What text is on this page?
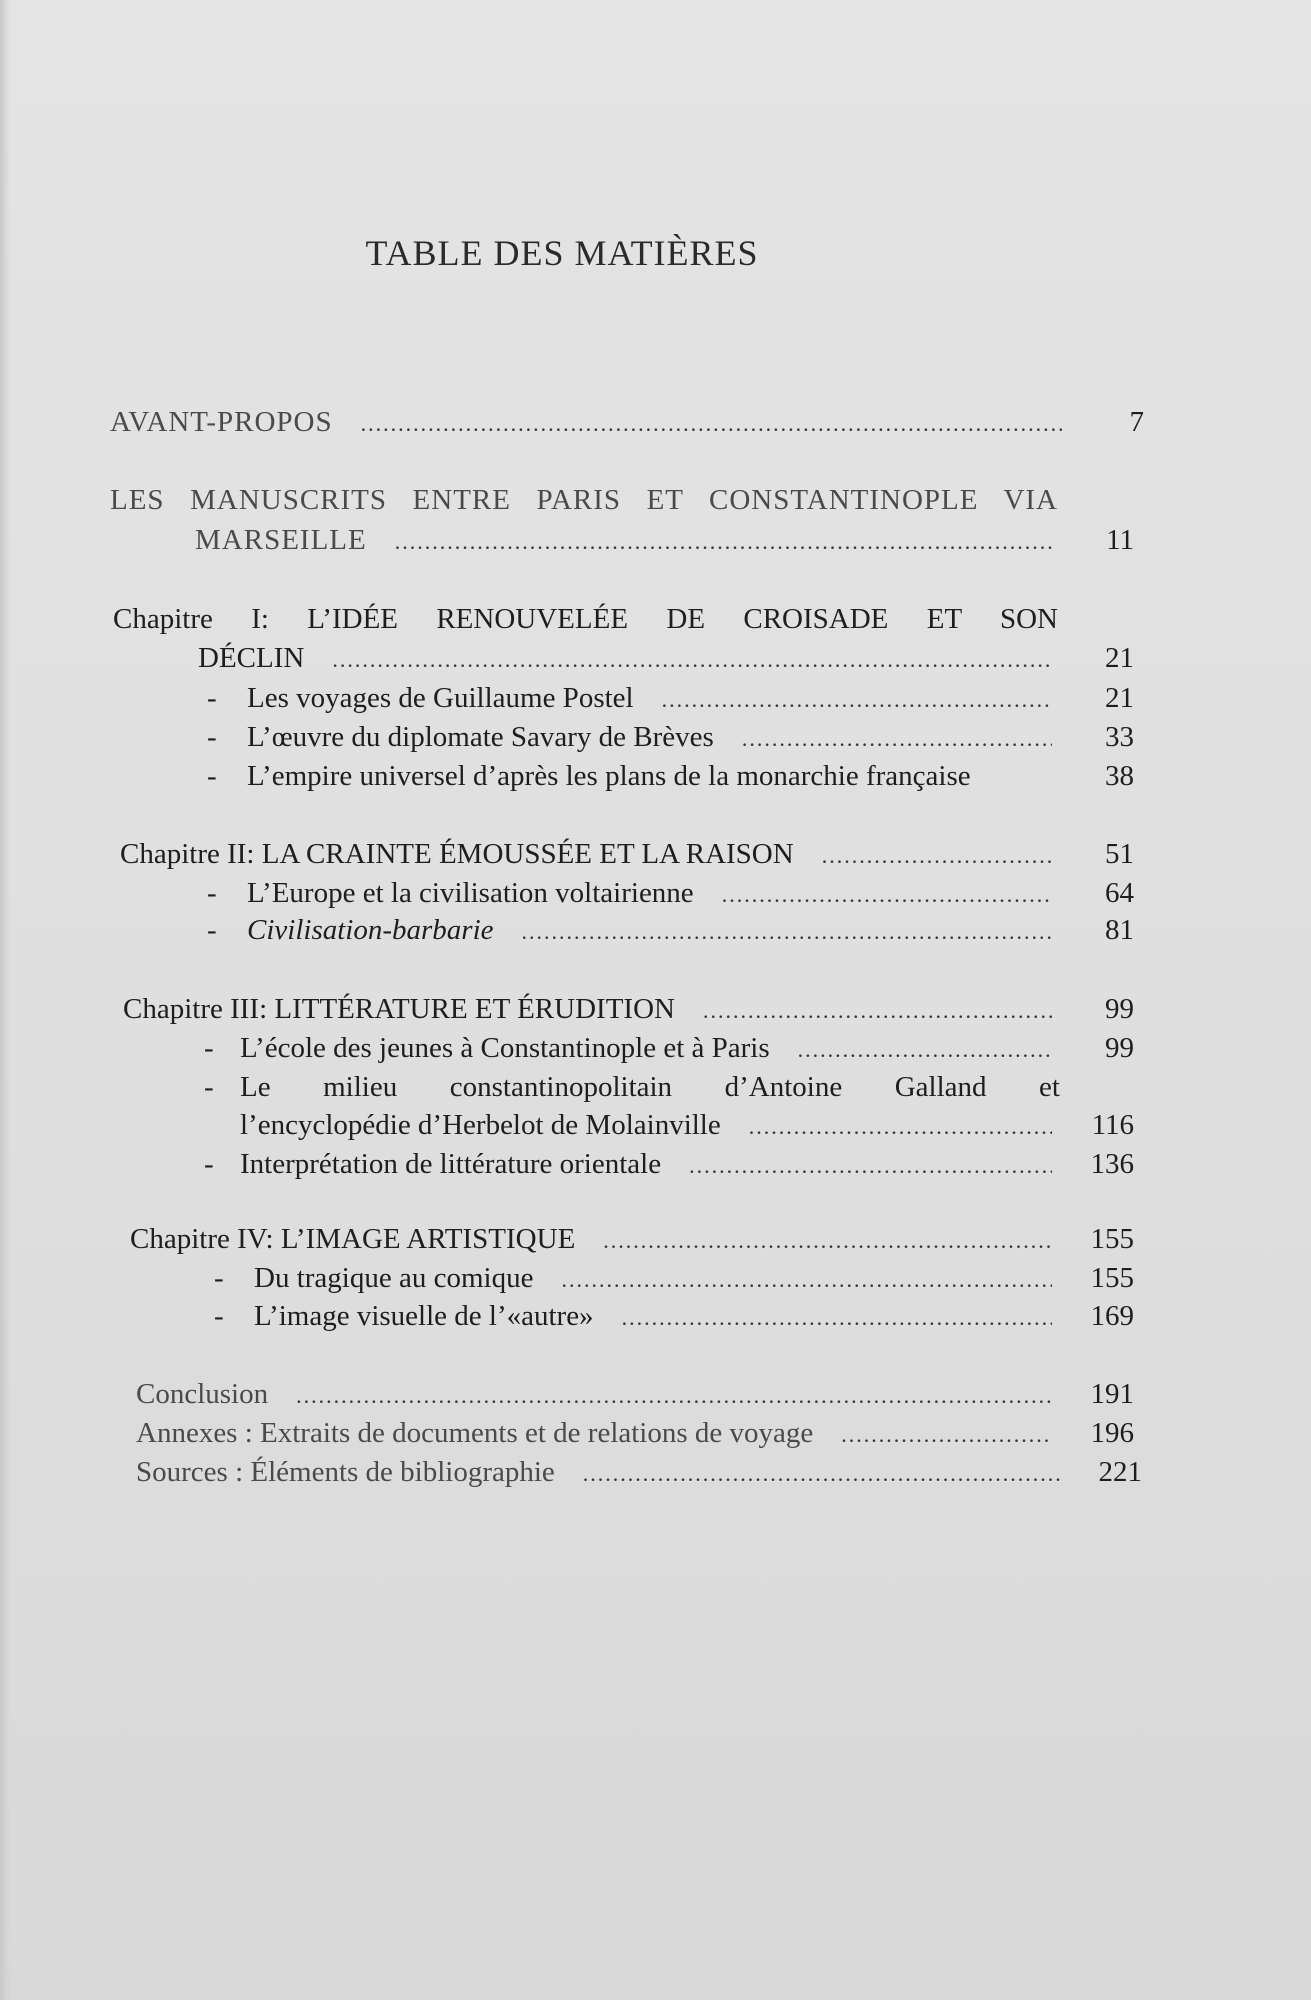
TABLE DES MATIÈRES
AVANT-PROPOS .....	7
LES MANUSCRITS ENTRE PARIS ET CONSTANTINOPLE VIA
MARSEILLE .....	11
Chapitre I: L’IDÉE RENOUVELÉE DE CROISADE ET SON
DÉCLIN .....	21
-	Les voyages de Guillaume Postel .....	21
-	L’œuvre du diplomate Savary de Brèves .....	33
-	L’empire universel d’après les plans de la monarchie française	38
Chapitre II: LA CRAINTE ÉMOUSSÉE ET LA RAISON .....	51
-	L’Europe et la civilisation voltairienne .....	64
-	Civilisation-barbarie .....	81
Chapitre III: LITTÉRATURE ET ÉRUDITION .....	99
- L’école des jeunes à Constantinople et à Paris .....	99
- Le milieu constantinopolitain d’Antoine Galland et
l’encyclopédie d’Herbelot de Molainville .....	116
- Interprétation de littérature orientale .....	136
Chapitre IV: L’IMAGE ARTISTIQUE .....	155
-	Du tragique au comique .....	155
-	L’image visuelle de l’«autre» .....	169
Conclusion .....	191
Annexes : Extraits de documents et de relations de voyage .....	196
Sources : Éléments de bibliographie .....	221
